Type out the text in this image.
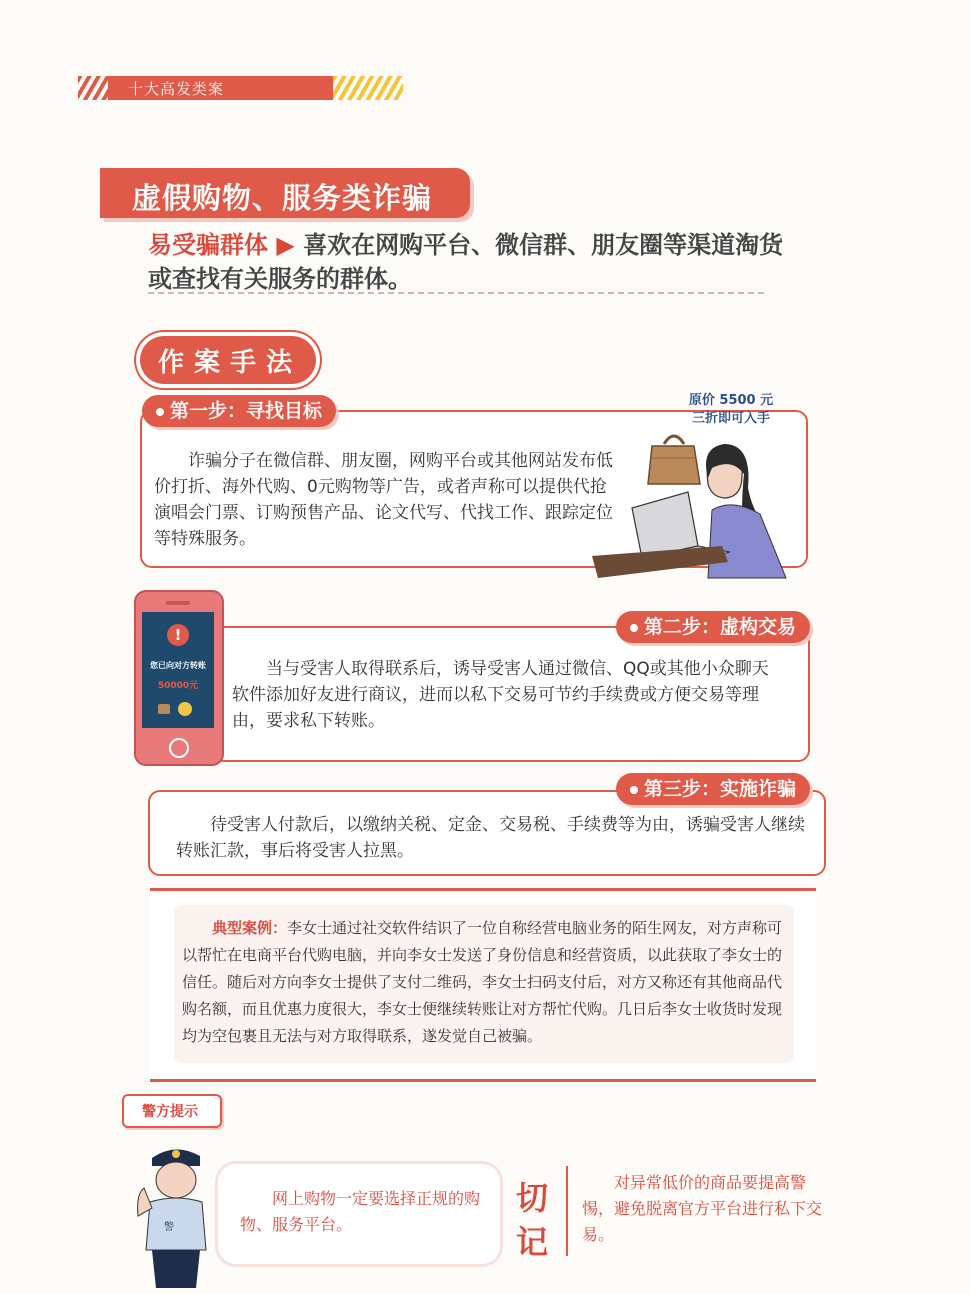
十大高发类案
虚假购物、服务类诈骗
易受骗群体 ▶ 喜欢在网购平台、微信群、朋友圈等渠道淘货或查找有关服务的群体。
作案手法
第一步：寻找目标
诈骗分子在微信群、朋友圈，网购平台或其他网站发布低价打折、海外代购、0元购物等广告，或者声称可以提供代抢演唱会门票、订购预售产品、论文代写、代找工作、跟踪定位等特殊服务。
原价 5500 元
三折即可入手
第二步：虚构交易
当与受害人取得联系后，诱导受害人通过微信、QQ或其他小众聊天软件添加好友进行商议，进而以私下交易可节约手续费或方便交易等理由，要求私下转账。
!
您已向对方转账
50000元
第三步：实施诈骗
待受害人付款后，以缴纳关税、定金、交易税、手续费等为由，诱骗受害人继续转账汇款，事后将受害人拉黑。
典型案例：李女士通过社交软件结识了一位自称经营电脑业务的陌生网友，对方声称可以帮忙在电商平台代购电脑，并向李女士发送了身份信息和经营资质，以此获取了李女士的信任。随后对方向李女士提供了支付二维码，李女士扫码支付后，对方又称还有其他商品代购名额，而且优惠力度很大，李女士便继续转账让对方帮忙代购。几日后李女士收货时发现均为空包裹且无法与对方取得联系，遂发觉自己被骗。
警方提示
警
网上购物一定要选择正规的购物、服务平台。
切
记
对异常低价的商品要提高警惕，避免脱离官方平台进行私下交易。
